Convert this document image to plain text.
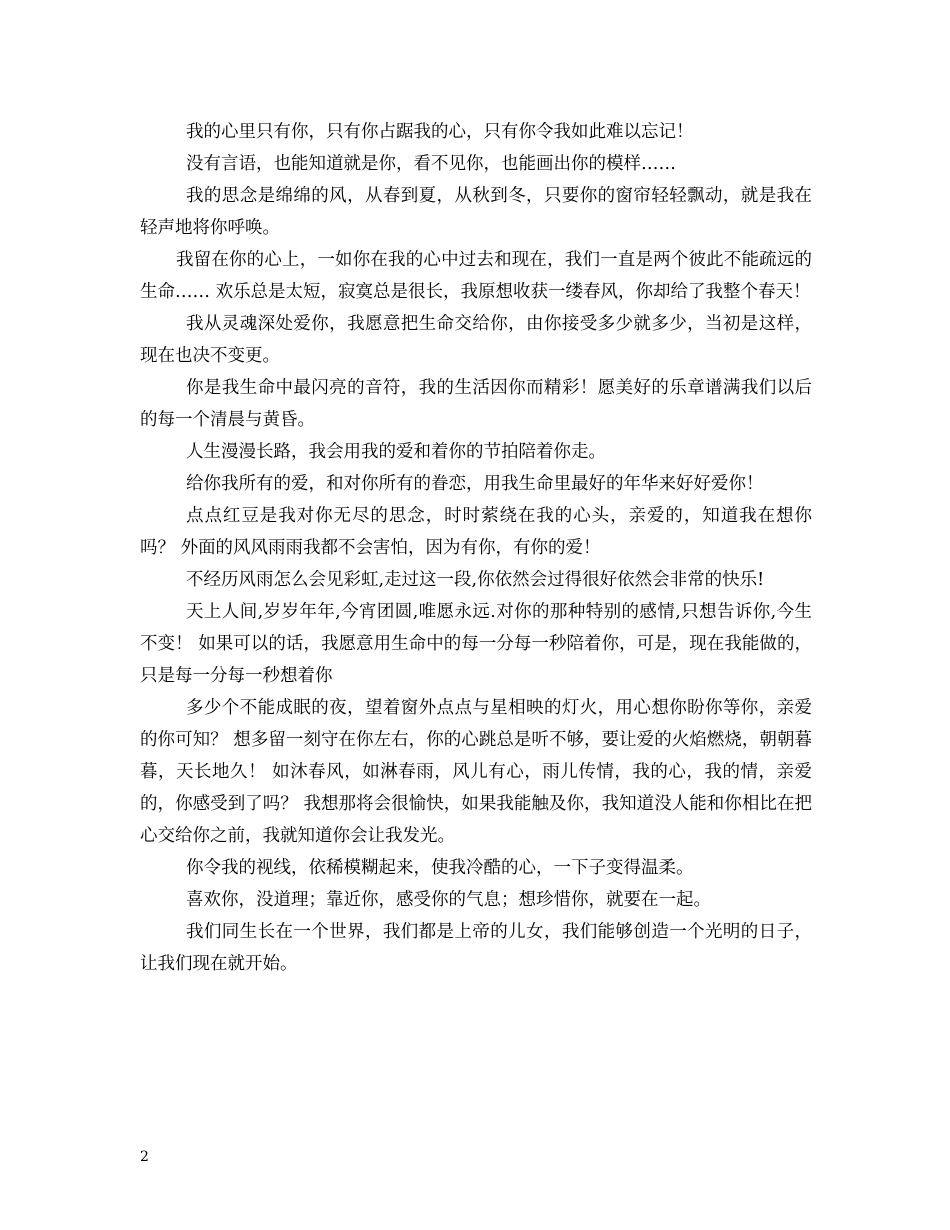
我的心里只有你，只有你占踞我的心，只有你令我如此难以忘记！

没有言语，也能知道就是你，看不见你，也能画出你的模样……

我的思念是绵绵的风，从春到夏，从秋到冬，只要你的窗帘轻轻飘动，就是我在轻声地将你呼唤。

我留在你的心上，一如你在我的心中过去和现在，我们一直是两个彼此不能疏远的生命…… 欢乐总是太短，寂寞总是很长，我原想收获一缕春风，你却给了我整个春天！

我从灵魂深处爱你，我愿意把生命交给你，由你接受多少就多少，当初是这样，现在也决不变更。

你是我生命中最闪亮的音符，我的生活因你而精彩！愿美好的乐章谱满我们以后的每一个清晨与黄昏。

人生漫漫长路，我会用我的爱和着你的节拍陪着你走。

给你我所有的爱，和对你所有的眷恋，用我生命里最好的年华来好好爱你！

点点红豆是我对你无尽的思念，时时萦绕在我的心头，亲爱的，知道我在想你吗？ 外面的风风雨雨我都不会害怕，因为有你，有你的爱！

不经历风雨怎么会见彩虹,走过这一段,你依然会过得很好依然会非常的快乐!

天上人间,岁岁年年,今宵团圆,唯愿永远.对你的那种特别的感情,只想告诉你,今生不变！ 如果可以的话，我愿意用生命中的每一分每一秒陪着你，可是，现在我能做的，只是每一分每一秒想着你

多少个不能成眠的夜，望着窗外点点与星相映的灯火，用心想你盼你等你，亲爱的你可知？ 想多留一刻守在你左右，你的心跳总是听不够，要让爱的火焰燃烧，朝朝暮暮，天长地久！ 如沐春风，如淋春雨，风儿有心，雨儿传情，我的心，我的情，亲爱的，你感受到了吗？ 我想那将会很愉快，如果我能触及你，我知道没人能和你相比在把心交给你之前，我就知道你会让我发光。

你令我的视线，依稀模糊起来，使我冷酷的心，一下子变得温柔。

喜欢你，没道理；靠近你，感受你的气息；想珍惜你，就要在一起。

我们同生长在一个世界，我们都是上帝的儿女，我们能够创造一个光明的日子，让我们现在就开始。

2
